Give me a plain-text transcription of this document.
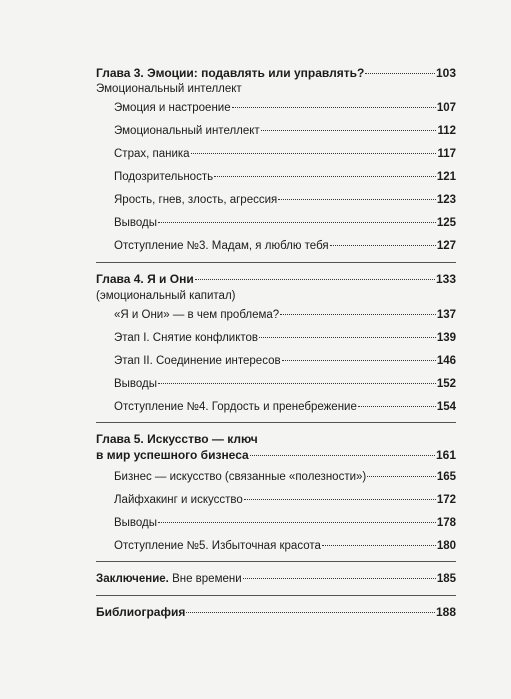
Глава 3. Эмоции: подавлять или управлять?	103
Эмоциональный интеллект
Эмоция и настроение	107
Эмоциональный интеллект	112
Страх, паника	117
Подозрительность	121
Ярость, гнев, злость, агрессия	123
Выводы	125
Отступление №3. Мадам, я люблю тебя	127
Глава 4. Я и Они	133
(эмоциональный капитал)
«Я и Они» — в чем проблема?	137
Этап I. Снятие конфликтов	139
Этап II. Соединение интересов	146
Выводы	152
Отступление №4. Гордость и пренебрежение	154
Глава 5. Искусство — ключ
в мир успешного бизнеса	161
Бизнес — искусство (связанные «полезности»)	165
Лайфхакинг и искусство	172
Выводы	178
Отступление №5. Избыточная красота	180
Заключение. Вне времени	185
Библиография	188
